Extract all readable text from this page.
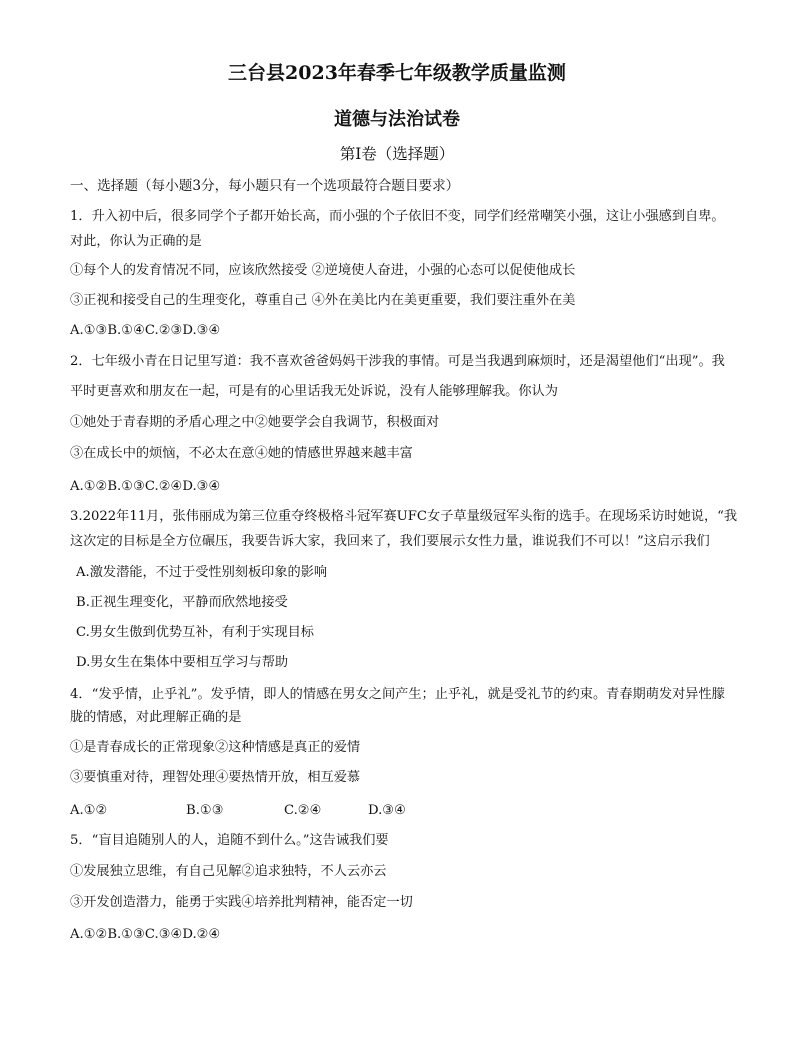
三台县2023年春季七年级教学质量监测
道德与法治试卷
第Ⅰ卷（选择题）
一、选择题（每小题3分，每小题只有一个选项最符合题目要求）
1．升入初中后，很多同学个子都开始长高，而小强的个子依旧不变，同学们经常嘲笑小强，这让小强感到自卑。
对此，你认为正确的是
①每个人的发育情况不同，应该欣然接受 ②逆境使人奋进，小强的心态可以促使他成长
③正视和接受自己的生理变化，尊重自己 ④外在美比内在美更重要，我们要注重外在美
A.①③B.①④C.②③D.③④
2．七年级小青在日记里写道：我不喜欢爸爸妈妈干涉我的事情。可是当我遇到麻烦时，还是渴望他们“出现”。我
平时更喜欢和朋友在一起，可是有的心里话我无处诉说，没有人能够理解我。你认为
①她处于青春期的矛盾心理之中②她要学会自我调节，积极面对
③在成长中的烦恼，不必太在意④她的情感世界越来越丰富
A.①②B.①③C.②④D.③④
3.2022年11月，张伟丽成为第三位重夺终极格斗冠军赛UFC女子草量级冠军头衔的选手。在现场采访时她说，“我
这次定的目标是全方位碾压，我要告诉大家，我回来了，我们要展示女性力量，谁说我们不可以！”这启示我们
A.激发潜能，不过于受性别刻板印象的影响
B.正视生理变化，平静而欣然地接受
C.男女生傲到优势互补，有利于实现目标
D.男女生在集体中要相互学习与帮助
4．“发乎情，止乎礼”。发乎情，即人的情感在男女之间产生；止乎礼，就是受礼节的约束。青春期萌发对异性朦
胧的情感，对此理解正确的是
①是青春成长的正常现象②这种情感是真正的爱情
③要慎重对待，理智处理④要热情开放，相互爱慕
A.①②	B.①③	C.②④	D.③④
5．“盲目追随别人的人，追随不到什么。”这告诫我们要
①发展独立思维，有自己见解②追求独特，不人云亦云
③开发创造潜力，能勇于实践④培养批判精神，能否定一切
A.①②B.①③C.③④D.②④
